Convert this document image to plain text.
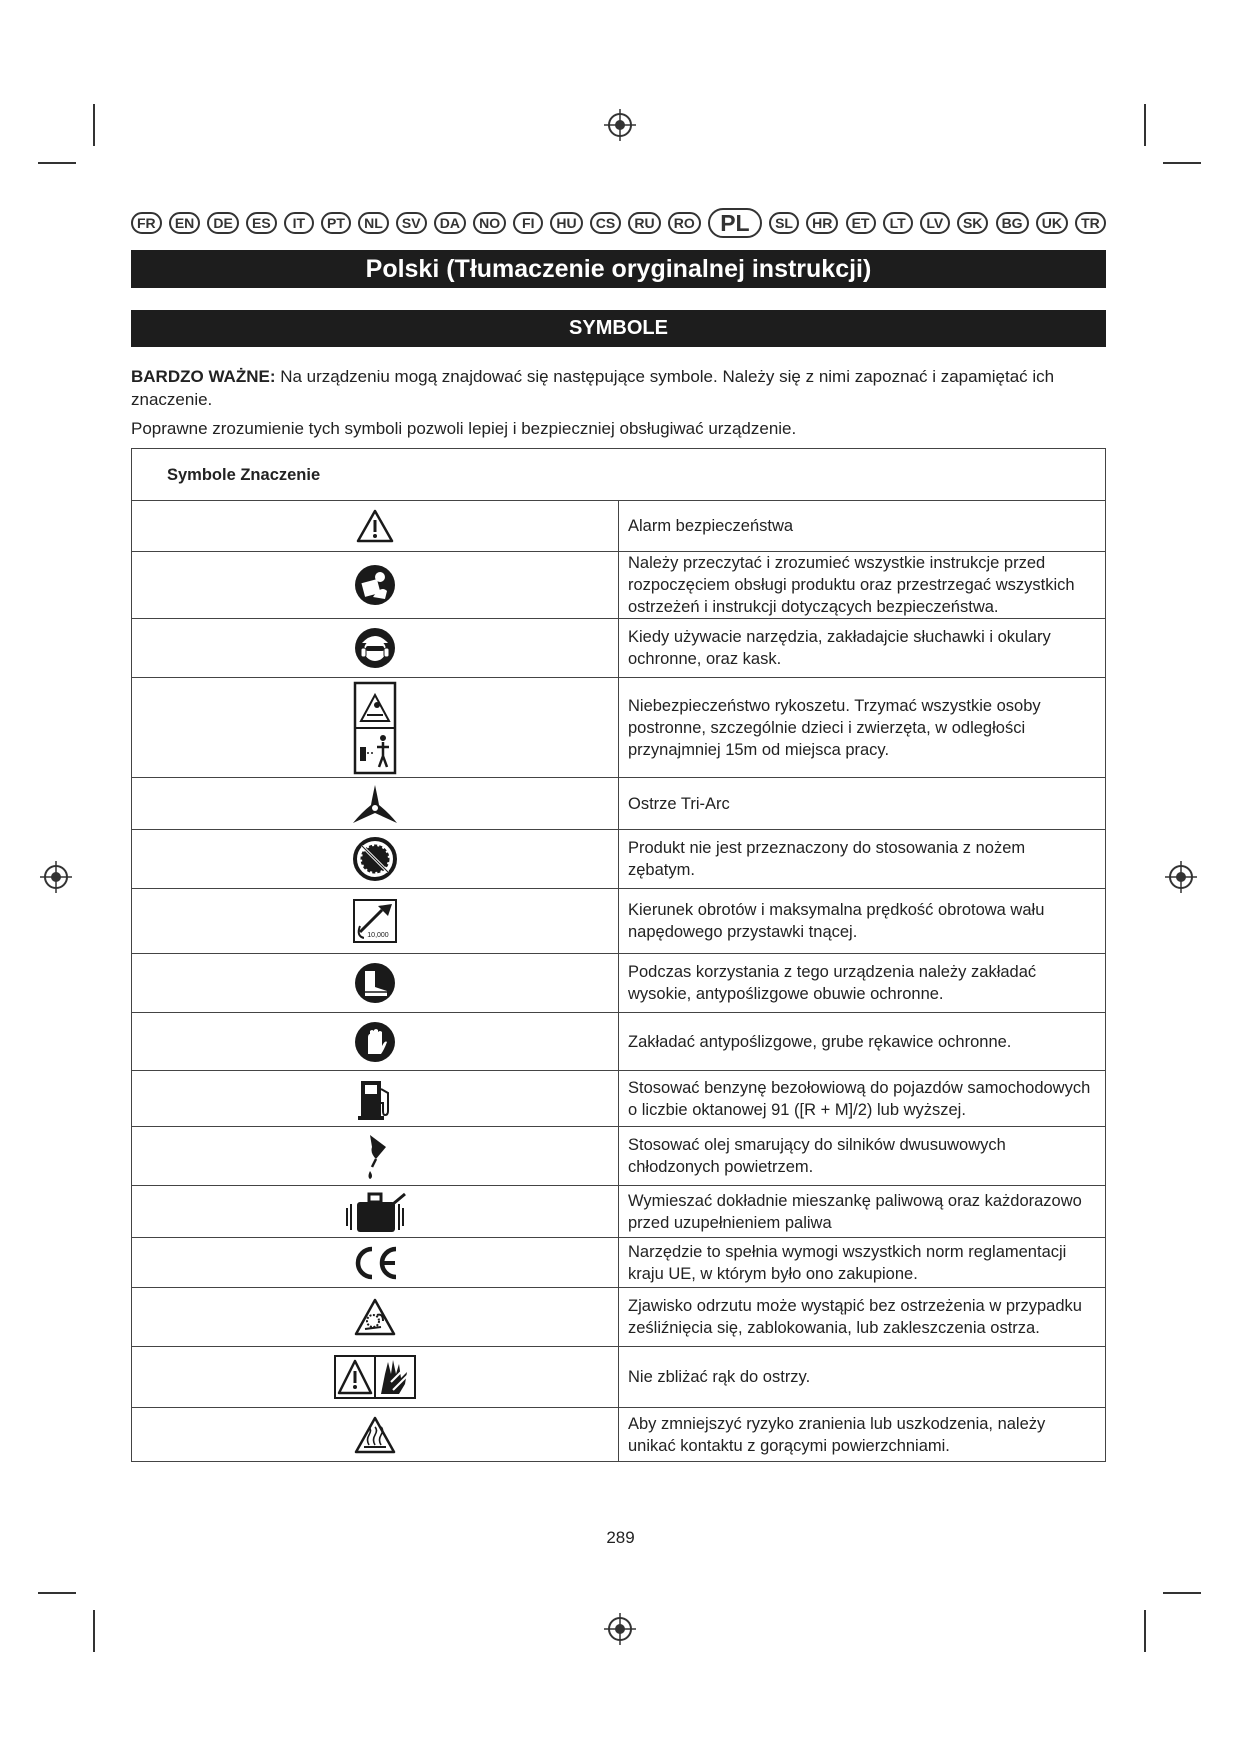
FR	EN	DE	ES	IT	PT	NL	SV	DA	NO	FI	HU	CS	RU	RO	PL	SL	HR	ET	LT	LV	SK	BG	UK	TR
Polski (Tłumaczenie oryginalnej instrukcji)
SYMBOLE
BARDZO WAŻNE: Na urządzeniu mogą znajdować się następujące symbole. Należy się z nimi zapoznać i zapamiętać ich znaczenie.
Poprawne zrozumienie tych symboli pozwoli lepiej i bezpieczniej obsługiwać urządzenie.
Symbole Znaczenie	

	Alarm bezpieczeństwa

	Należy przeczytać i zrozumieć wszystkie instrukcje przed rozpoczęciem obsługi produktu oraz przestrzegać wszystkich ostrzeżeń i instrukcji dotyczących bezpieczeństwa.

	Kiedy używacie narzędzia, zakładajcie słuchawki i okulary ochronne, oraz kask.

	Niebezpieczeństwo rykoszetu. Trzymać wszystkie osoby postronne, szczególnie dzieci i zwierzęta, w odległości przynajmniej 15m od miejsca pracy.

	Ostrze Tri-Arc

	Produkt nie jest przeznaczony do stosowania z nożem zębatym.

10,000	Kierunek obrotów i maksymalna prędkość obrotowa wału napędowego przystawki tnącej.

	Podczas korzystania z tego urządzenia należy zakładać wysokie, antypoślizgowe obuwie ochronne.

	Zakładać antypoślizgowe, grube rękawice ochronne.

	Stosować benzynę bezołowiową do pojazdów samochodowych o liczbie oktanowej 91 ([R + M]/2) lub wyższej.

	Stosować olej smarujący do silników dwusuwowych chłodzonych powietrzem.

	Wymieszać dokładnie mieszankę paliwową oraz każdorazowo przed uzupełnieniem paliwa

	Narzędzie to spełnia wymogi wszystkich norm reglamentacji kraju UE, w którym było ono zakupione.

	Zjawisko odrzutu może wystąpić bez ostrzeżenia w przypadku ześliźnięcia się, zablokowania, lub zakleszczenia ostrza.

	Nie zbliżać rąk do ostrzy.

	Aby zmniejszyć ryzyko zranienia lub uszkodzenia, należy unikać kontaktu z gorącymi powierzchniami.
289
